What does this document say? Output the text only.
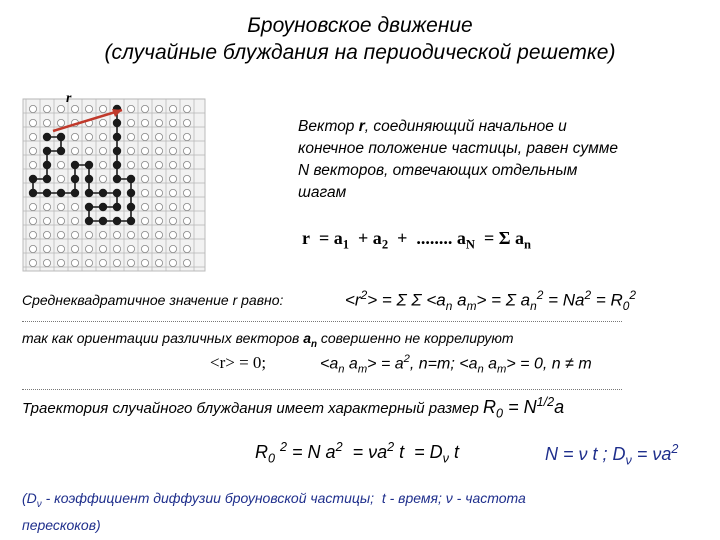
Броуновское движение
(случайные блуждания на периодической решетке)
r
Вектор r, соединяющий начальное и
конечное положение частицы, равен сумме
N векторов, отвечающих отдельным
шагам
$r = a_1 + a_2$  +  ........ $a_N = \Sigma$ $a_n$
Среднеквадратичное значение r равно:	$<r^2> = \Sigma$ $\Sigma <a_n$ $a_m> = \Sigma$ $a_n^2 = Na^2 = R_0^2$
так как ориентации различных векторов $a_n$ совершенно не коррелируют
<r> = 0;	$<a_n$ $a_m> = a^2$, n=m; $<a_n$ $a_m> = 0$, n ≠ m
Траектория случайного блуждания имеет характерный размер $R_0 = N^{1/2}a$
$R_0$ $^2$ = N $a^2 = \nu a^2$ $t = D_\nu$ t	N = ν t ; $D_\nu = \nu a^2$
($D_\nu$ - коэффициент диффузии броуновской частицы;  t - время; ν - частота
перескоков)
